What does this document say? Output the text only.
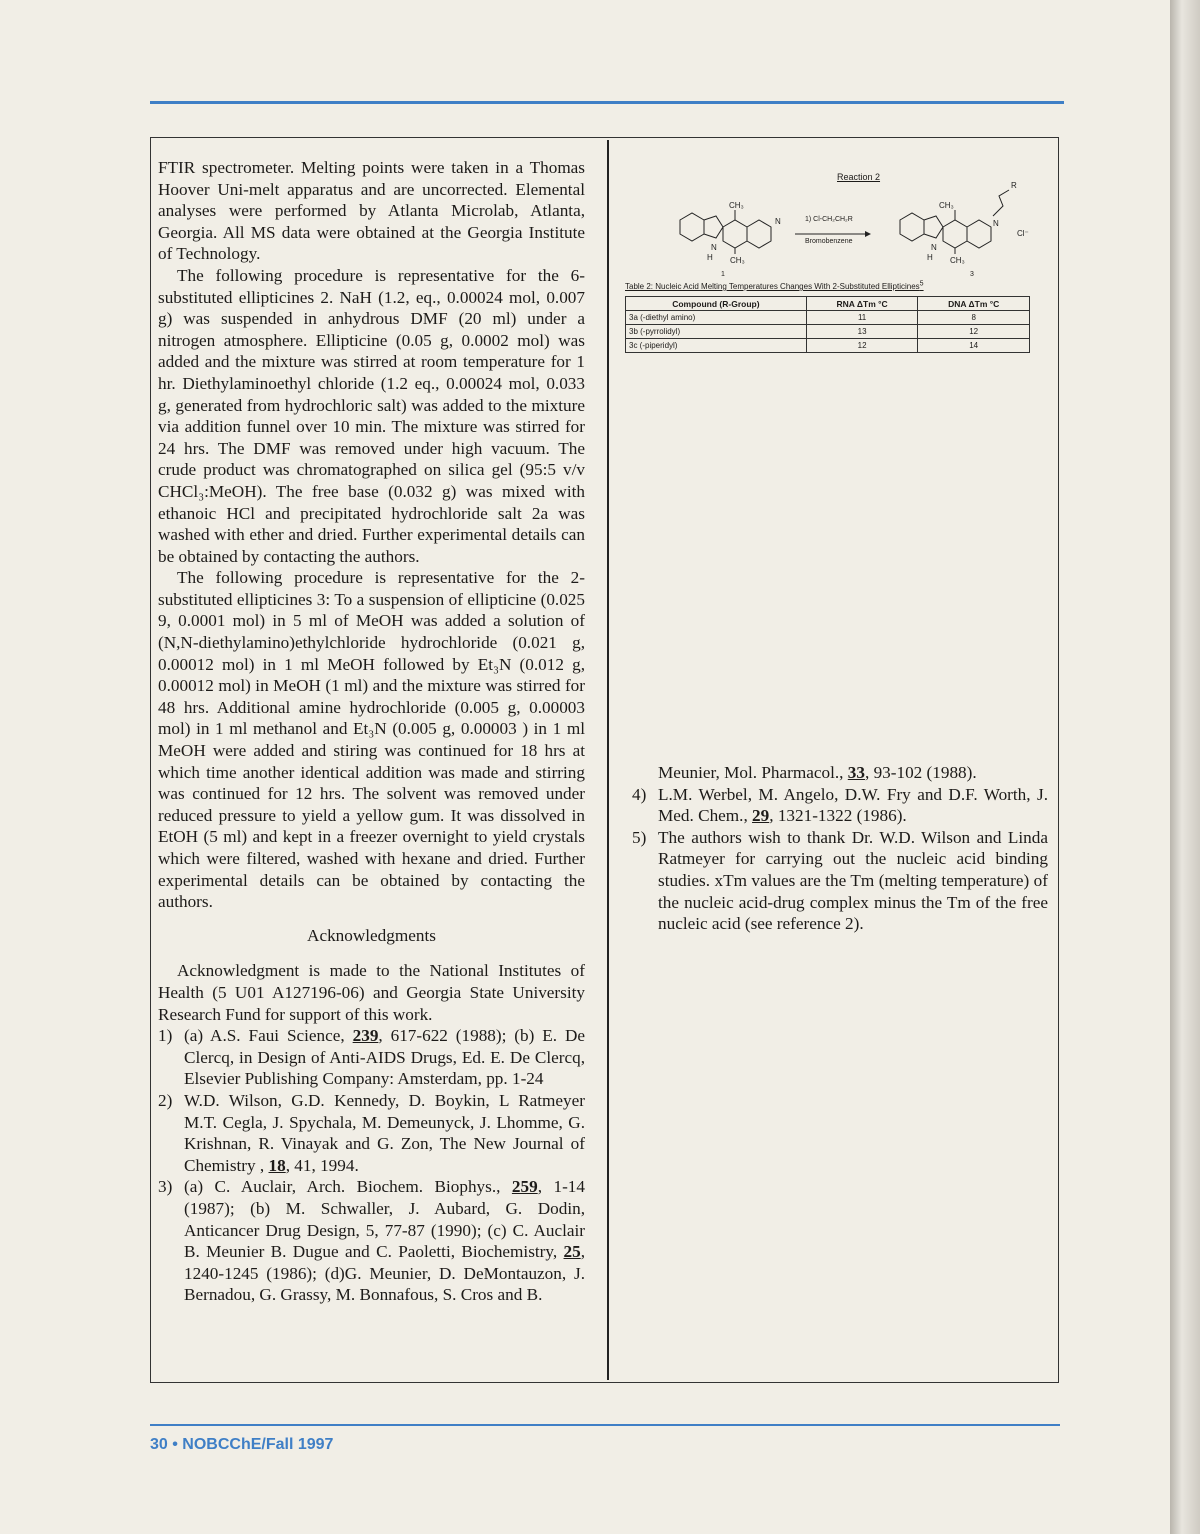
FTIR spectrometer. Melting points were taken in a Thomas Hoover Uni-melt apparatus and are uncorrected. Elemental analyses were performed by Atlanta Microlab, Atlanta, Georgia. All MS data were obtained at the Georgia Institute of Technology.

The following procedure is representative for the 6-substituted ellipticines 2. NaH (1.2, eq., 0.00024 mol, 0.007 g) was suspended in anhydrous DMF (20 ml) under a nitrogen atmosphere. Ellipticine (0.05 g, 0.0002 mol) was added and the mixture was stirred at room temperature for 1 hr. Diethylaminoethyl chloride (1.2 eq., 0.00024 mol, 0.033 g, generated from hydrochloric salt) was added to the mixture via addition funnel over 10 min. The mixture was stirred for 24 hrs. The DMF was removed under high vacuum. The crude product was chromatographed on silica gel (95:5 v/v CHCl₃:MeOH). The free base (0.032 g) was mixed with ethanoic HCl and precipitated hydrochloride salt 2a was washed with ether and dried. Further experimental details can be obtained by contacting the authors.

The following procedure is representative for the 2-substituted ellipticines 3: To a suspension of ellipticine (0.025 9, 0.0001 mol) in 5 ml of MeOH was added a solution of (N,N-diethylamino)ethylchloride hydrochloride (0.021 g, 0.00012 mol) in 1 ml MeOH followed by Et₃N (0.012 g, 0.00012 mol) in MeOH (1 ml) and the mixture was stirred for 48 hrs. Additional amine hydrochloride (0.005 g, 0.00003 mol) in 1 ml methanol and Et₃N (0.005 g, 0.00003 ) in 1 ml MeOH were added and stiring was continued for 18 hrs at which time another identical addition was made and stirring was continued for 12 hrs. The solvent was removed under reduced pressure to yield a yellow gum. It was dissolved in EtOH (5 ml) and kept in a freezer overnight to yield crystals which were filtered, washed with hexane and dried. Further experimental details can be obtained by contacting the authors.

Acknowledgments

Acknowledgment is made to the National Institutes of Health (5 U01 A127196-06) and Georgia State University Research Fund for support of this work.

1) (a) A.S. Faui Science, 239, 617-622 (1988); (b) E. De Clercq, in Design of Anti-AIDS Drugs, Ed. E. De Clercq, Elsevier Publishing Company: Amsterdam, pp. 1-24
2) W.D. Wilson, G.D. Kennedy, D. Boykin, L Ratmeyer M.T. Cegla, J. Spychala, M. Demeunyck, J. Lhomme, G. Krishnan, R. Vinayak and G. Zon, The New Journal of Chemistry , 18, 41, 1994.
3) (a) C. Auclair, Arch. Biochem. Biophys., 259, 1-14 (1987); (b) M. Schwaller, J. Aubard, G. Dodin, Anticancer Drug Design, 5, 77-87 (1990); (c) C. Auclair B. Meunier B. Dugue and C. Paoletti, Biochemistry, 25, 1240-1245 (1986); (d)G. Meunier, D. DeMontauzon, J. Bernadou, G. Grassy, M. Bonnafous, S. Cros and B.
Reaction 2
CH₃
N
N
H CH₃
CH₃
N
R
Cl⁻
N
H CH₃
1) Cl-CH₂CH₂R
Bromobenzene
1	3
Table 2: Nucleic Acid Melting Temperatures Changes With 2-Substituted Ellipticines$^5$
Compound (R-Group)	RNA ΔTm °C	DNA ΔTm °C
3a (-diethyl amino)	11	8
3b (-pyrrolidyl)	13	12
3c (-piperidyl)	12	14

Meunier, Mol. Pharmacol., 33, 93-102 (1988).

4) L.M. Werbel, M. Angelo, D.W. Fry and D.F. Worth, J. Med. Chem., 29, 1321-1322 (1986).
5) The authors wish to thank Dr. W.D. Wilson and Linda Ratmeyer for carrying out the nucleic acid binding studies. xTm values are the Tm (melting temperature) of the nucleic acid-drug complex minus the Tm of the free nucleic acid (see reference 2).
30 • NOBCChE/Fall 1997
